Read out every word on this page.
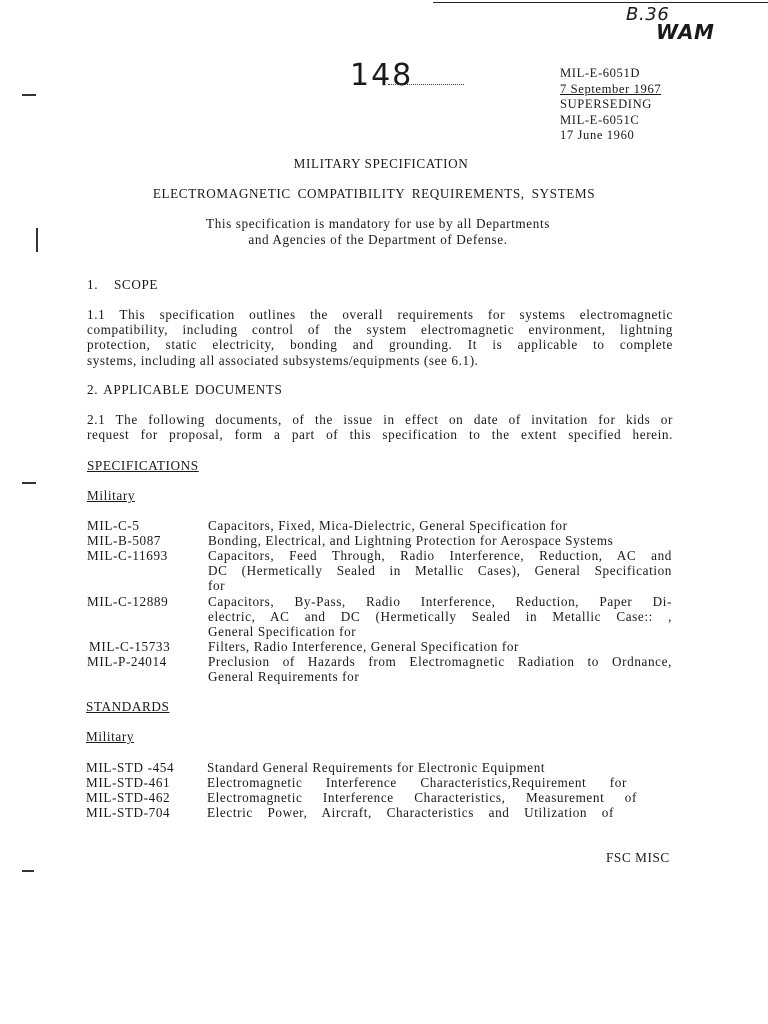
B.36
WAM
148	MIL-E-6051D
7 September 1967
SUPERSEDING
MIL-E-6051C
17 June 1960
MILITARY SPECIFICATION
ELECTROMAGNETIC COMPATIBILITY REQUIREMENTS, SYSTEMS
This specification is mandatory for use by all Departments
and Agencies of the Department of Defense.
1. SCOPE
1.1 This specification outlines the overall requirements for systems electromagnetic
compatibility, including control of the system electromagnetic environment, lightning
protection, static electricity, bonding and grounding. It is applicable to complete
systems, including all associated subsystems/equipments (see 6.1).
2. APPLICABLE DOCUMENTS
2.1 The following documents, of the issue in effect on date of invitation for kids or
request for proposal, form a part of this specification to the extent specified herein.
SPECIFICATIONS
Military
MIL-C-5	Capacitors, Fixed, Mica-Dielectric, General Specification for
MIL-B-5087	Bonding, Electrical, and Lightning Protection for Aerospace Systems
MIL-C-11693	Capacitors, Feed Through, Radio Interference, Reduction, AC and
DC (Hermetically Sealed in Metallic Cases), General Specification
for
MIL-C-12889	Capacitors, By-Pass, Radio Interference, Reduction, Paper Di-
electric, AC and DC (Hermetically Sealed in Metallic Case:: ,
General Specification for
MIL-C-15733	Filters, Radio Interference, General Specification for
MIL-P-24014	Preclusion of Hazards from Electromagnetic Radiation to Ordnance,
General Requirements for
STANDARDS
Military
MIL-STD -454 Standard General Requirements for Electronic Equipment
MIL-STD-461	Electromagnetic Interference Characteristics,Requirement for
MIL-STD-462	Electromagnetic Interference Characteristics, Measurement of
MIL-STD-704	Electric Power, Aircraft, Characteristics and Utilization of
FSC MISC
